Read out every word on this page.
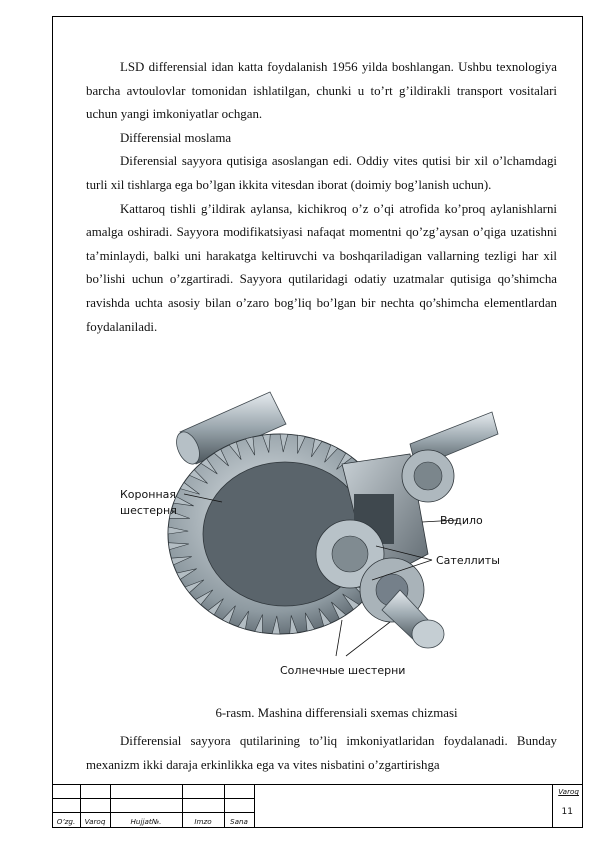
LSD differensial idan katta foydalanish 1956 yilda boshlangan. Ushbu texnologiya barcha avtoulovlar tomonidan ishlatilgan, chunki u to’rt g’ildirakli transport vositalari uchun yangi imkoniyatlar ochgan.

Differensial moslama

Diferensial sayyora qutisiga asoslangan edi. Oddiy vites qutisi bir xil o’lchamdagi turli xil tishlarga ega bo’lgan ikkita vitesdan iborat (doimiy bog’lanish uchun).

Kattaroq tishli g’ildirak aylansa, kichikroq o’z o’qi atrofida ko’proq aylanishlarni amalga oshiradi. Sayyora modifikatsiyasi nafaqat momentni qo’zg’aysan o’qiga uzatishni ta’minlaydi, balki uni harakatga keltiruvchi va boshqariladigan vallarning tezligi har xil bo’lishi uchun o’zgartiradi. Sayyora qutilaridagi odatiy uzatmalar qutisiga qo’shimcha ravishda uchta asosiy bilan o’zaro bog’liq bo’lgan bir nechta qo’shimcha elementlardan foydalaniladi.

Коронная
шестерня
Водило
Сателлиты
Солнечные шестерни
6-rasm. Mashina differensiali sxemas chizmasi

Differensial sayyora qutilarining to’liq imkoniyatlaridan foydalanadi. Bunday mexanizm ikki daraja erkinlikka ega va vites nisbatini o’zgartirishga

O’zg.	Varoq	Hujjat№.	Imzo	Sana
Varoq
11
